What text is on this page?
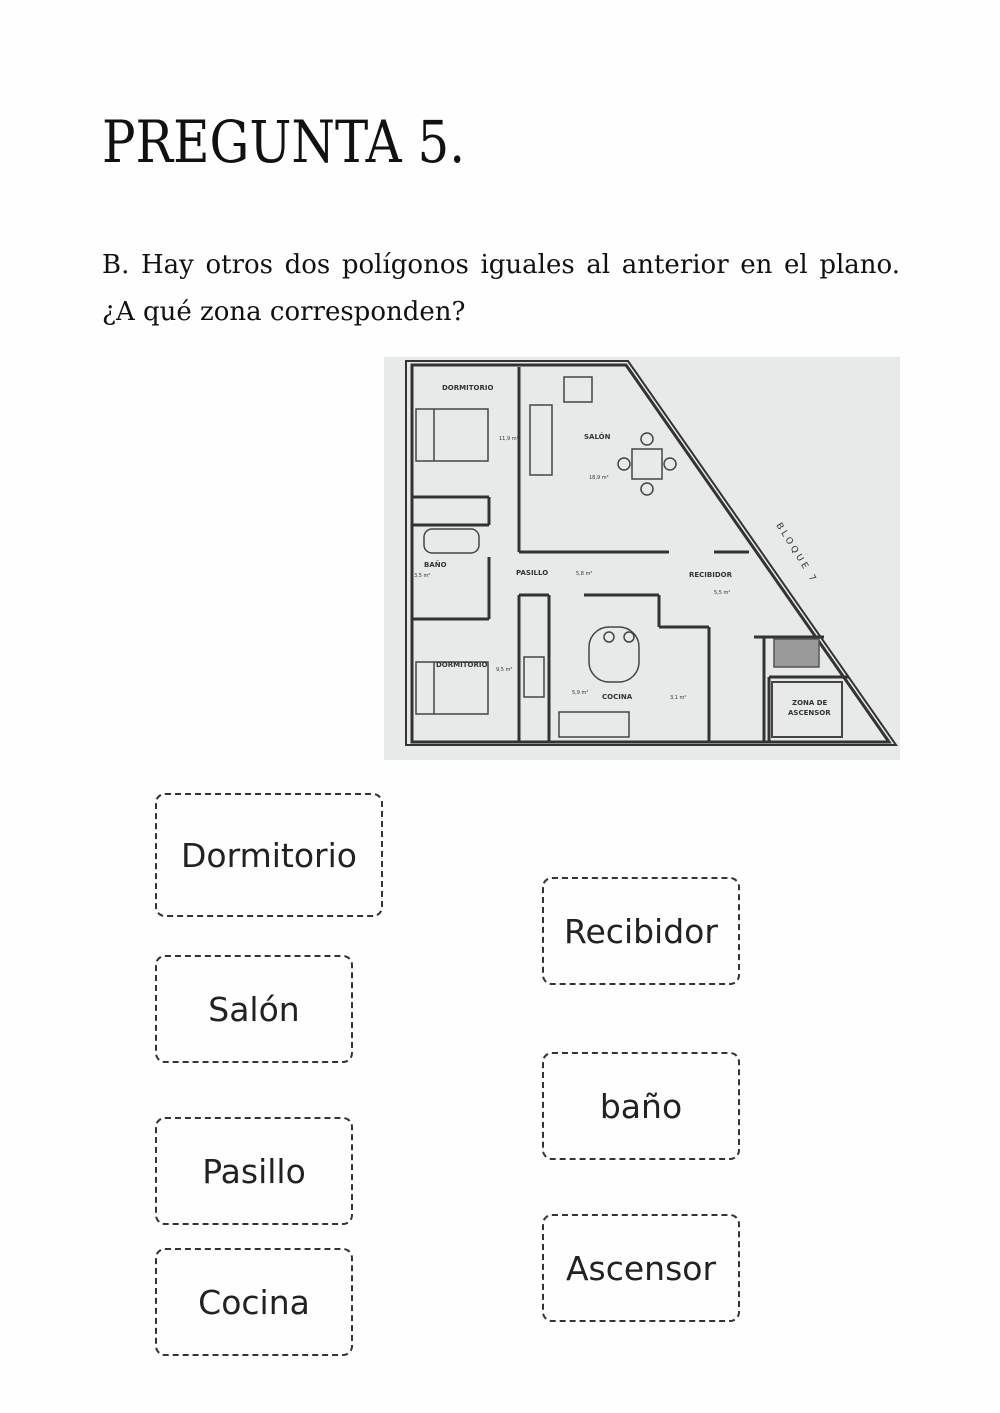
PREGUNTA 5.

B. Hay otros dos polígonos iguales al anterior en el plano. ¿A qué zona corresponden?

DORMITORIO
11,9 m²	SALÓN
18,9 m²
BAÑO
3,5 m²	PASILLO	5,8 m²	RECIBIDOR
5,5 m²
DORMITORIO
9,5 m²
COCINA
5,9 m²
3,1 m²
ZONA DE
ASCENSOR
BLOQUE 7
Dormitorio
Salón
Pasillo
Cocina
Recibidor
baño
Ascensor
